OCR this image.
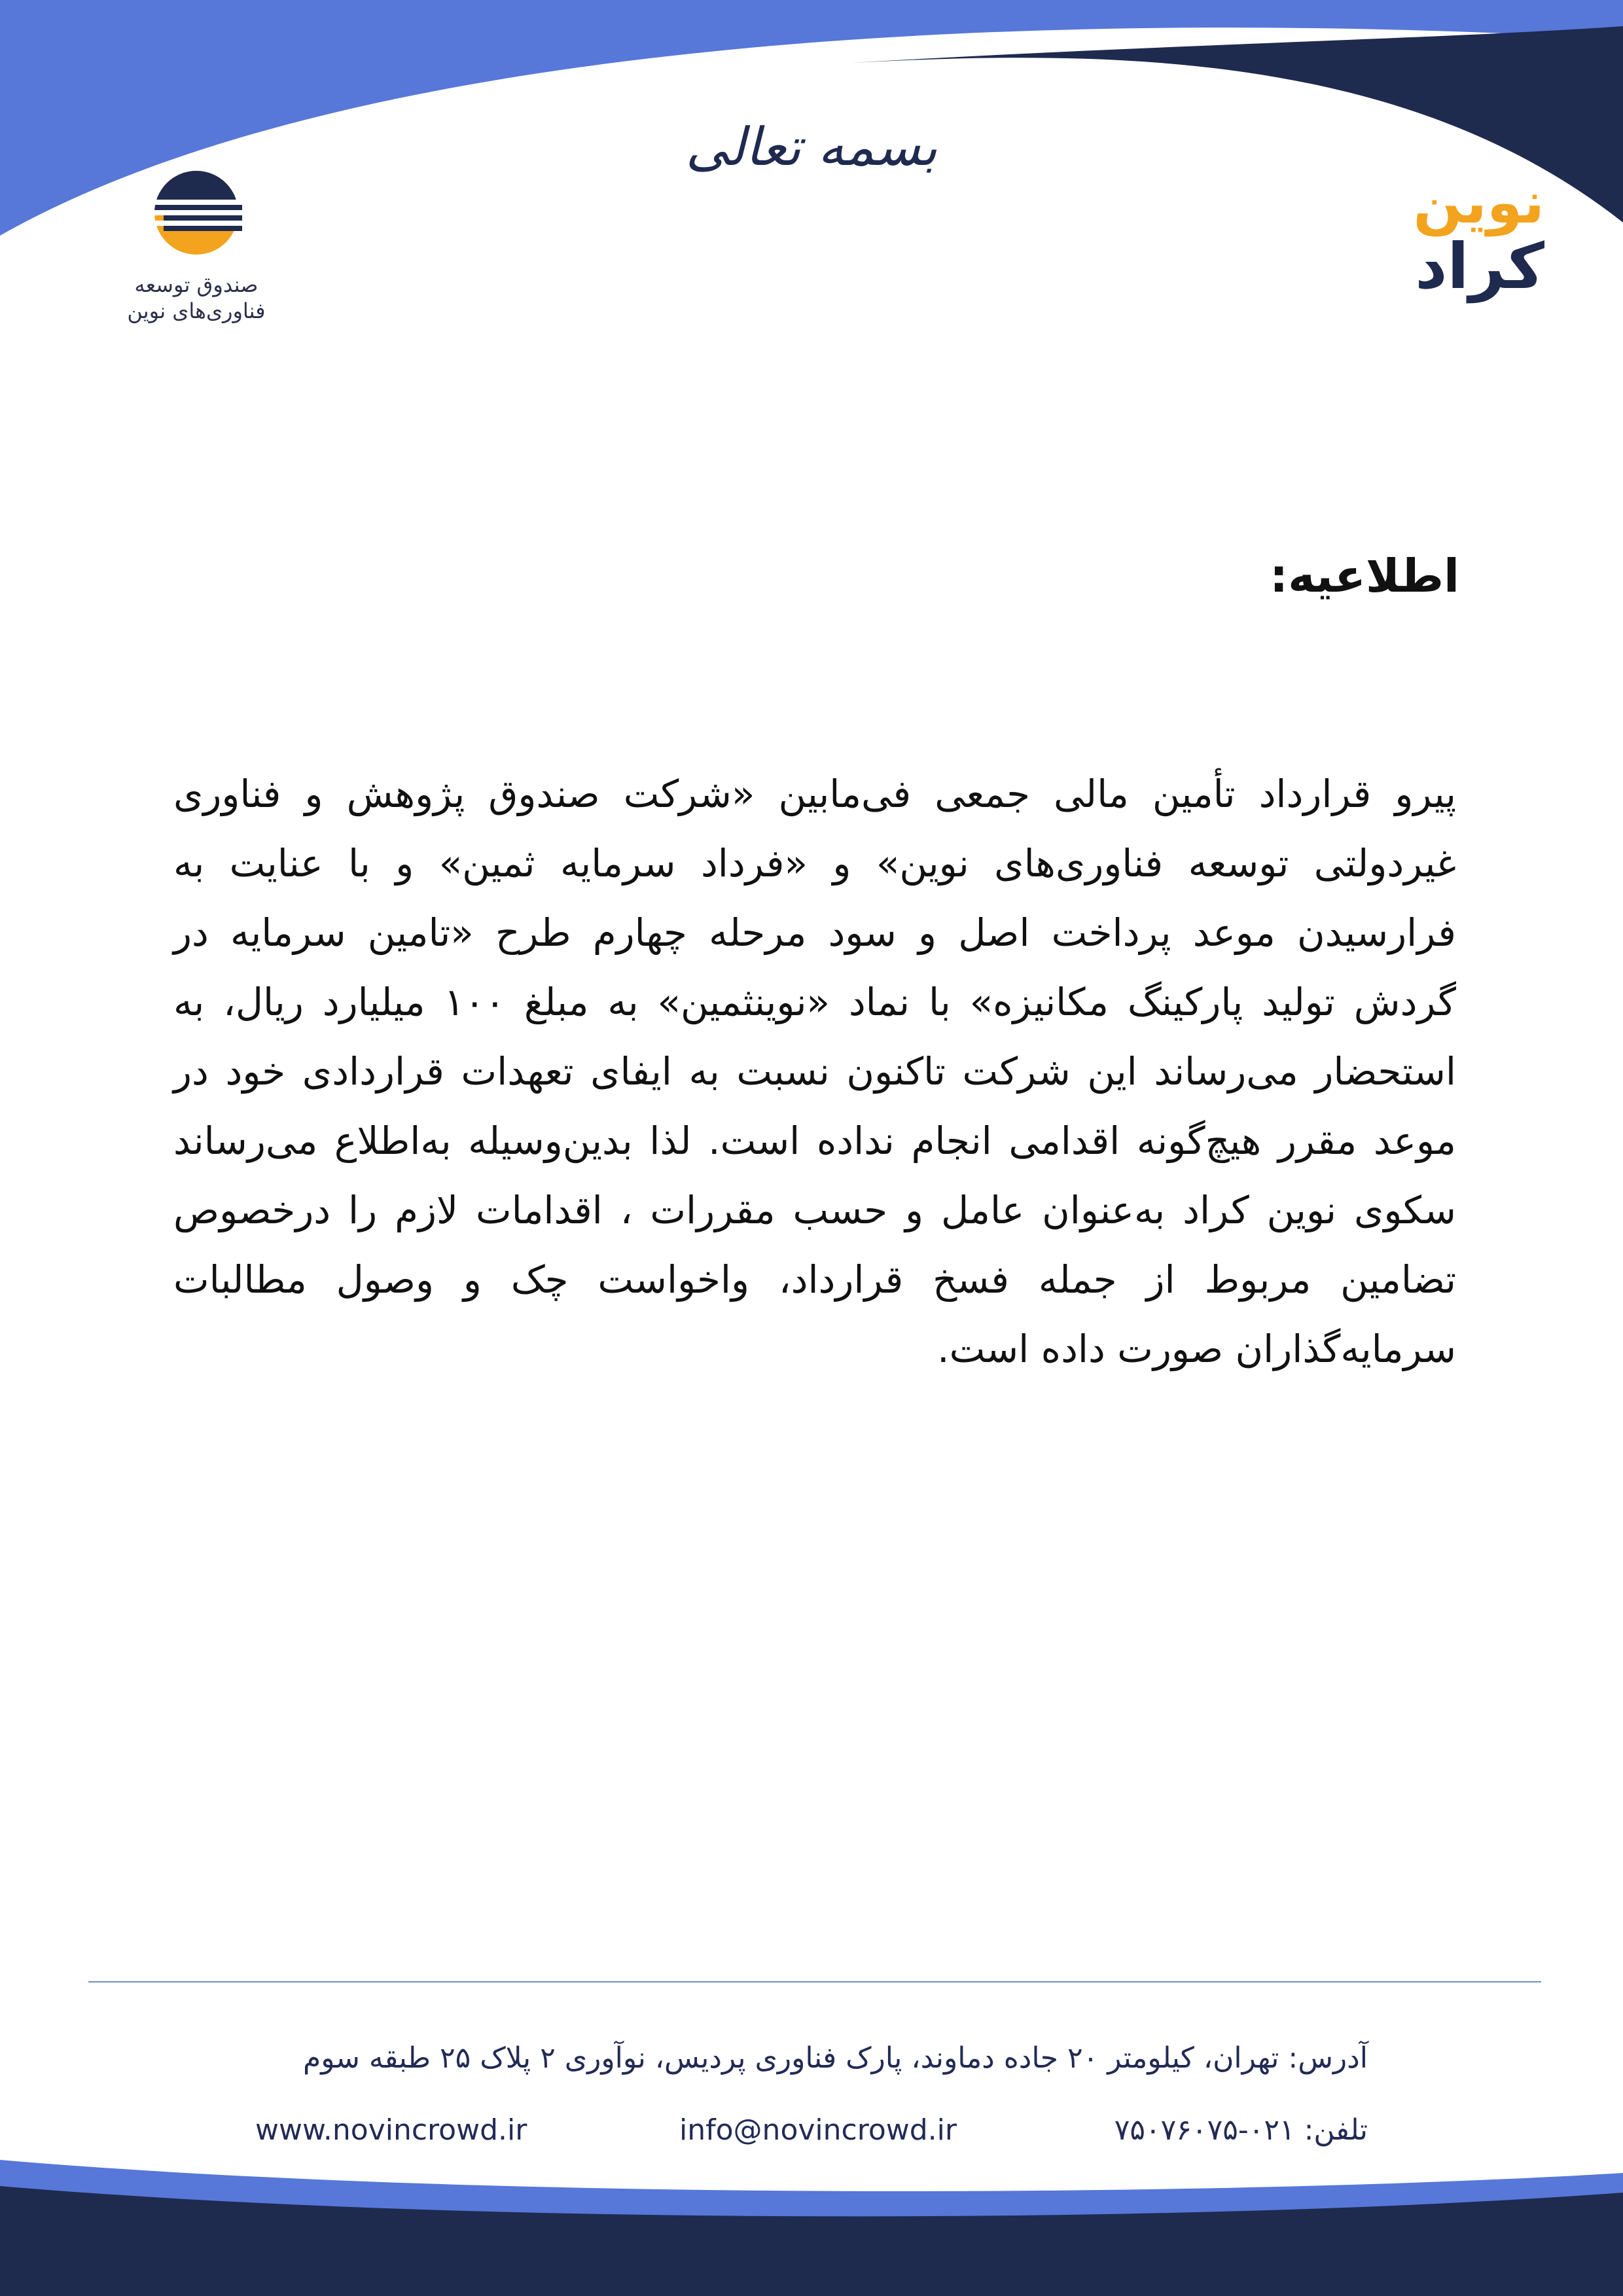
بسمه تعالی
صندوق توسعه
فناوری‌های نوین
نوین
کراد
اطلاعیه:
پیرو قرارداد تأمین مالی جمعی فی‌مابین «شرکت صندوق پژوهش و فناوری غیردولتی توسعه فناوری‌های نوین» و «فرداد سرمایه ثمین» و با عنایت به فرارسیدن موعد پرداخت اصل و سود مرحله چهارم طرح «تامین سرمایه در گردش تولید پارکینگ مکانیزه» با نماد «نوینثمین» به مبلغ ۱۰۰ میلیارد ریال، به استحضار می‌رساند این شرکت تاکنون نسبت به ایفای تعهدات قراردادی خود در موعد مقرر هیچ‌گونه اقدامی انجام نداده است. لذا بدین‌وسیله به‌اطلاع می‌رساند سکوی نوین کراد به‌عنوان عامل و حسب مقررات ، اقدامات لازم را درخصوص تضامین مربوط از جمله فسخ قرارداد، واخواست چک و وصول مطالبات سرمایه‌گذاران صورت داده است.
آدرس: تهران، کیلومتر ۲۰ جاده دماوند، پارک فناوری پردیس، نوآوری ۲ پلاک ۲۵ طبقه سوم
تلفن: ۰۲۱-۷۵۰۷۶۰۷۵
info@novincrowd.ir
www.novincrowd.ir
